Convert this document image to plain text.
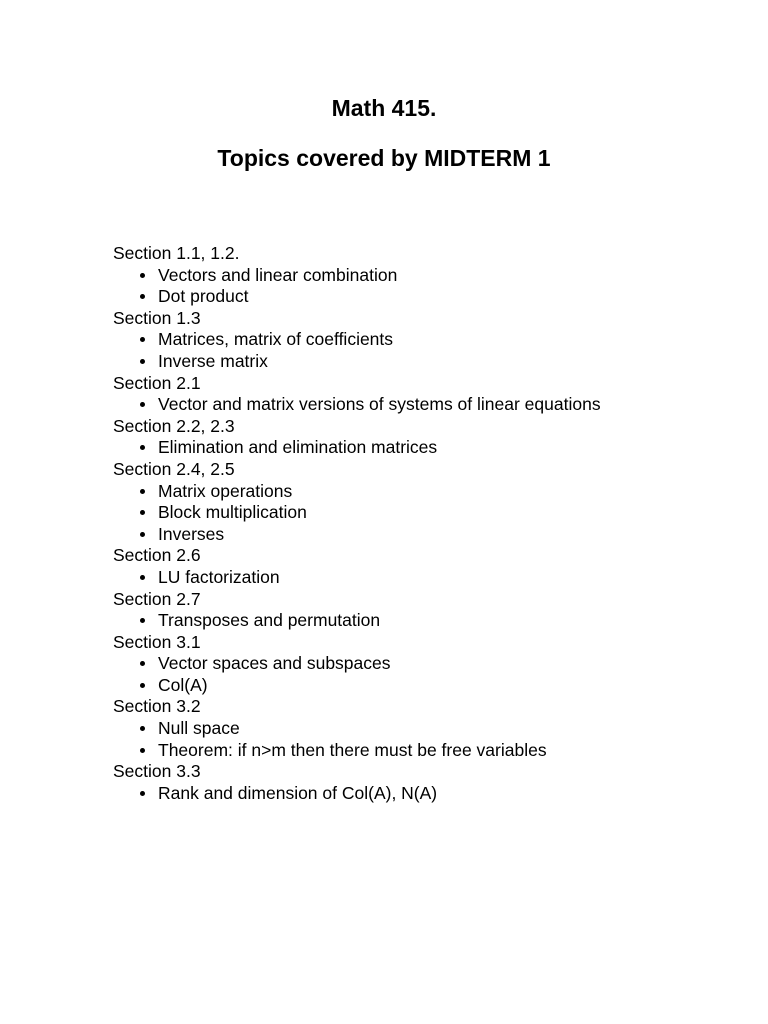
Math 415.
Topics covered by MIDTERM 1
Section 1.1, 1.2.
Vectors and linear combination
Dot product
Section 1.3
Matrices, matrix of coefficients
Inverse matrix
Section 2.1
Vector and matrix versions of systems of linear equations
Section 2.2, 2.3
Elimination and elimination matrices
Section 2.4, 2.5
Matrix operations
Block multiplication
Inverses
Section 2.6
LU factorization
Section 2.7
Transposes and permutation
Section 3.1
Vector spaces and subspaces
Col(A)
Section 3.2
Null space
Theorem: if n>m then there must be free variables
Section 3.3
Rank and dimension of Col(A), N(A)
